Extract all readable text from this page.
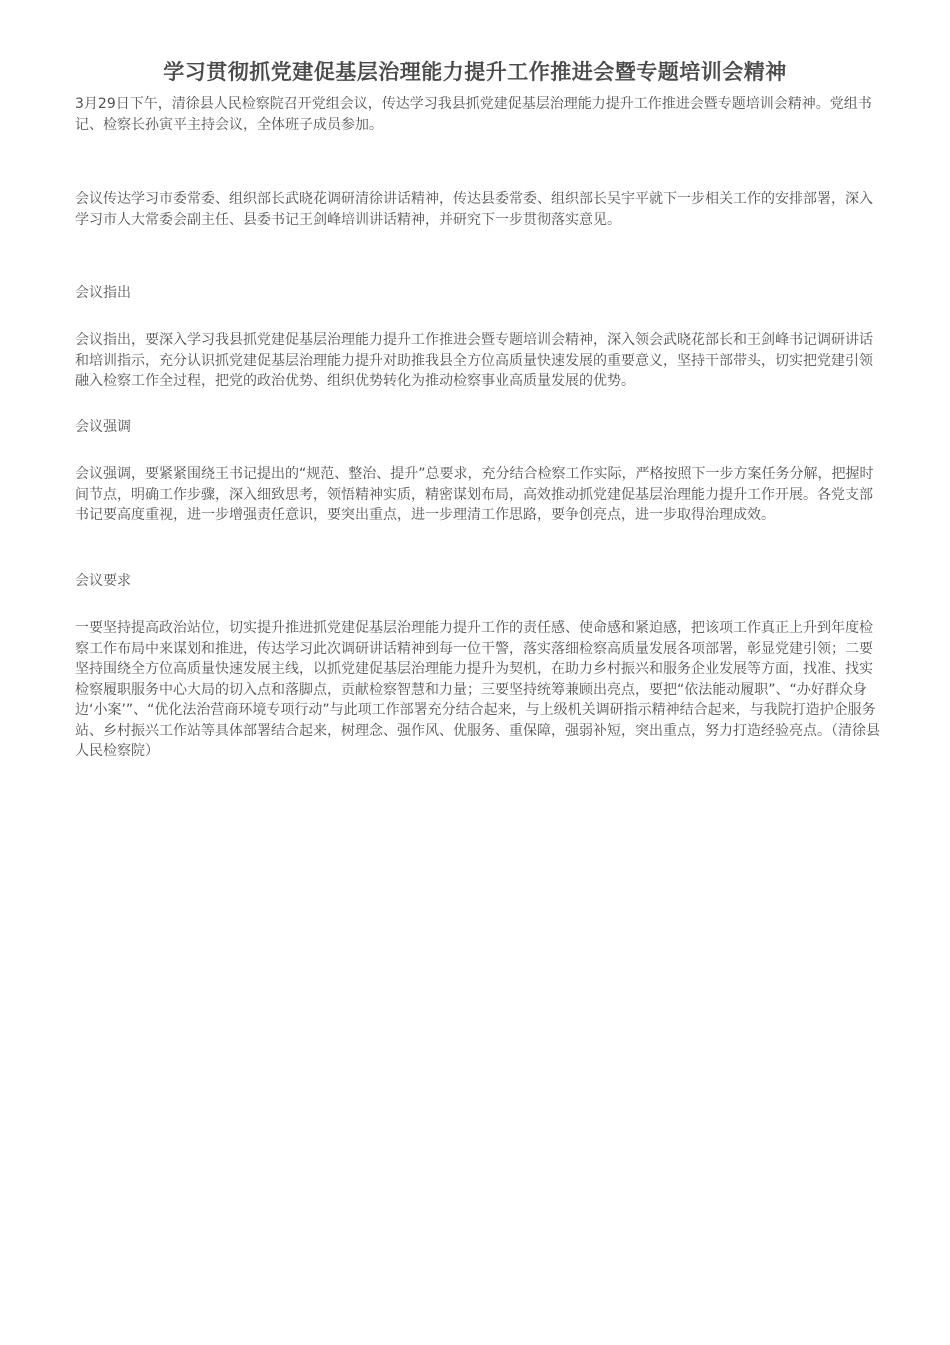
学习贯彻抓党建促基层治理能力提升工作推进会暨专题培训会精神

3月29日下午，清徐县人民检察院召开党组会议，传达学习我县抓党建促基层治理能力提升工作推进会暨专题培训会精神。党组书记、检察长孙寅平主持会议，全体班子成员参加。

会议传达学习市委常委、组织部长武晓花调研清徐讲话精神，传达县委常委、组织部长吴宇平就下一步相关工作的安排部署，深入学习市人大常委会副主任、县委书记王剑峰培训讲话精神，并研究下一步贯彻落实意见。

会议指出

会议指出，要深入学习我县抓党建促基层治理能力提升工作推进会暨专题培训会精神，深入领会武晓花部长和王剑峰书记调研讲话和培训指示，充分认识抓党建促基层治理能力提升对助推我县全方位高质量快速发展的重要意义，坚持干部带头，切实把党建引领融入检察工作全过程，把党的政治优势、组织优势转化为推动检察事业高质量发展的优势。

会议强调

会议强调，要紧紧围绕王书记提出的“规范、整治、提升”总要求，充分结合检察工作实际，严格按照下一步方案任务分解，把握时间节点，明确工作步骤，深入细致思考，领悟精神实质，精密谋划布局，高效推动抓党建促基层治理能力提升工作开展。各党支部书记要高度重视，进一步增强责任意识，要突出重点，进一步理清工作思路，要争创亮点，进一步取得治理成效。

会议要求

一要坚持提高政治站位，切实提升推进抓党建促基层治理能力提升工作的责任感、使命感和紧迫感，把该项工作真正上升到年度检察工作布局中来谋划和推进，传达学习此次调研讲话精神到每一位干警，落实落细检察高质量发展各项部署，彰显党建引领；二要坚持围绕全方位高质量快速发展主线，以抓党建促基层治理能力提升为契机，在助力乡村振兴和服务企业发展等方面，找准、找实检察履职服务中心大局的切入点和落脚点，贡献检察智慧和力量；三要坚持统筹兼顾出亮点，要把“依法能动履职”、“办好群众身边‘小案’”、“优化法治营商环境专项行动”与此项工作部署充分结合起来，与上级机关调研指示精神结合起来，与我院打造护企服务站、乡村振兴工作站等具体部署结合起来，树理念、强作风、优服务、重保障，强弱补短，突出重点，努力打造经验亮点。（清徐县人民检察院）
